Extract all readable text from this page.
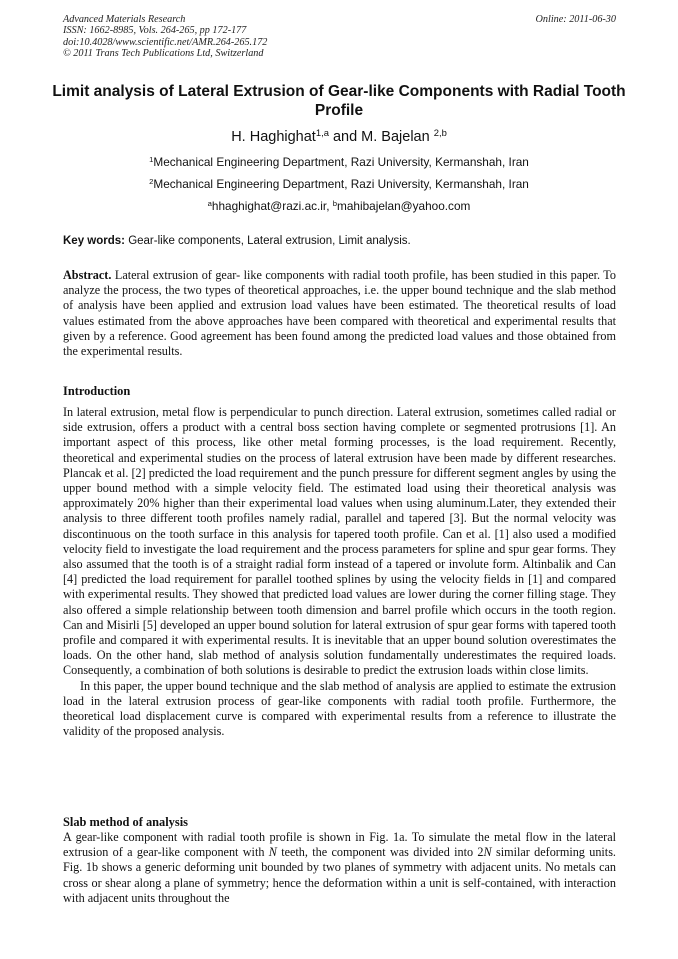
Advanced Materials Research
ISSN: 1662-8985, Vols. 264-265, pp 172-177
doi:10.4028/www.scientific.net/AMR.264-265.172
© 2011 Trans Tech Publications Ltd, Switzerland
Online: 2011-06-30
Limit analysis of Lateral Extrusion of Gear-like Components with Radial Tooth Profile
H. Haghighat$^{1,a}$ and M. Bajelan $^{2,b}$
$^1$Mechanical Engineering Department, Razi University, Kermanshah, Iran
$^2$Mechanical Engineering Department, Razi University, Kermanshah, Iran
$^a$hhaghighat@razi.ac.ir, $^b$mahibajelan@yahoo.com
Key words: Gear-like components, Lateral extrusion, Limit analysis.

Abstract. Lateral extrusion of gear- like components with radial tooth profile, has been studied in this paper. To analyze the process, the two types of theoretical approaches, i.e. the upper bound technique and the slab method of analysis have been applied and extrusion load values have been estimated. The theoretical results of load values estimated from the above approaches have been compared with theoretical and experimental results that given by a reference. Good agreement has been found among the predicted load values and those obtained from the experimental results.

Introduction

In lateral extrusion, metal flow is perpendicular to punch direction. Lateral extrusion, sometimes called radial or side extrusion, offers a product with a central boss section having complete or segmented protrusions [1]. An important aspect of this process, like other metal forming processes, is the load requirement. Recently, theoretical and experimental studies on the process of lateral extrusion have been made by different researches. Plancak et al. [2] predicted the load requirement and the punch pressure for different segment angles by using the upper bound method with a simple velocity field. The estimated load using their theoretical analysis was approximately 20% higher than their experimental load values when using aluminum.Later, they extended their analysis to three different tooth profiles namely radial, parallel and tapered [3]. But the normal velocity was discontinuous on the tooth surface in this analysis for tapered tooth profile. Can et al. [1] also used a modified velocity field to investigate the load requirement and the process parameters for spline and spur gear forms. They also assumed that the tooth is of a straight radial form instead of a tapered or involute form. Altinbalik and Can [4] predicted the load requirement for parallel toothed splines by using the velocity fields in [1] and compared with experimental results. They showed that predicted load values are lower during the corner filling stage. They also offered a simple relationship between tooth dimension and barrel profile which occurs in the tooth region. Can and Misirli [5] developed an upper bound solution for lateral extrusion of spur gear forms with tapered tooth profile and compared it with experimental results. It is inevitable that an upper bound solution overestimates the loads. On the other hand, slab method of analysis solution fundamentally underestimates the required loads. Consequently, a combination of both solutions is desirable to predict the extrusion loads within close limits.

In this paper, the upper bound technique and the slab method of analysis are applied to estimate the extrusion load in the lateral extrusion process of gear-like components with radial tooth profile. Furthermore, the theoretical load displacement curve is compared with experimental results from a reference to illustrate the validity of the proposed analysis.

Slab method of analysis

A gear-like component with radial tooth profile is shown in Fig. 1a. To simulate the metal flow in the lateral extrusion of a gear-like component with N teeth, the component was divided into 2N similar deforming units. Fig. 1b shows a generic deforming unit bounded by two planes of symmetry with adjacent units. No metals can cross or shear along a plane of symmetry; hence the deformation within a unit is self-contained, with interaction with adjacent units throughout the
